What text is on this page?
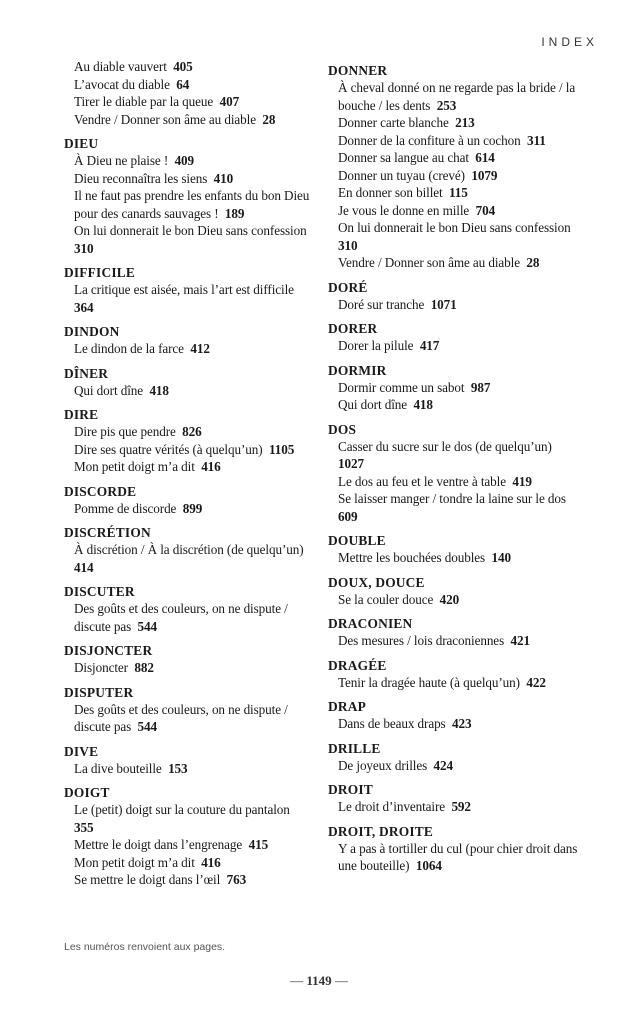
INDEX
Au diable vauvert 405
L’avocat du diable 64
Tirer le diable par la queue 407
Vendre / Donner son âme au diable 28
DIEU
À Dieu ne plaise ! 409
Dieu reconnaîtra les siens 410
Il ne faut pas prendre les enfants du bon Dieu pour des canards sauvages ! 189
On lui donnerait le bon Dieu sans confession  310
DIFFICILE
La critique est aisée, mais l’art est difficile  364
DINDON
Le dindon de la farce 412
DÎNER
Qui dort dîne 418
DIRE
Dire pis que pendre 826
Dire ses quatre vérités (à quelqu’un) 1105
Mon petit doigt m’a dit 416
DISCORDE
Pomme de discorde 899
DISCRÉTION
À discrétion / À la discrétion (de quelqu’un)  414
DISCUTER
Des goûts et des couleurs, on ne dispute / discute pas 544
DISJONCTER
Disjoncter 882
DISPUTER
Des goûts et des couleurs, on ne dispute / discute pas 544
DIVE
La dive bouteille 153
DOIGT
Le (petit) doigt sur la couture du pantalon  355
Mettre le doigt dans l’engrenage 415
Mon petit doigt m’a dit 416
Se mettre le doigt dans l’œil 763
DONNER
À cheval donné on ne regarde pas la bride / la bouche / les dents 253
Donner carte blanche 213
Donner de la confiture à un cochon 311
Donner sa langue au chat 614
Donner un tuyau (crevé) 1079
En donner son billet 115
Je vous le donne en mille 704
On lui donnerait le bon Dieu sans confession  310
Vendre / Donner son âme au diable 28
DORÉ
Doré sur tranche 1071
DORER
Dorer la pilule 417
DORMIR
Dormir comme un sabot 987
Qui dort dîne 418
DOS
Casser du sucre sur le dos (de quelqu’un)  1027
Le dos au feu et le ventre à table 419
Se laisser manger / tondre la laine sur le dos  609
DOUBLE
Mettre les bouchées doubles 140
DOUX, DOUCE
Se la couler douce 420
DRACONIEN
Des mesures / lois draconiennes 421
DRAGÉE
Tenir la dragée haute (à quelqu’un) 422
DRAP
Dans de beaux draps 423
DRILLE
De joyeux drilles 424
DROIT
Le droit d’inventaire 592
DROIT, DROITE
Y a pas à tortiller du cul (pour chier droit dans une bouteille) 1064
Les numéros renvoient aux pages.
— 1149 —
